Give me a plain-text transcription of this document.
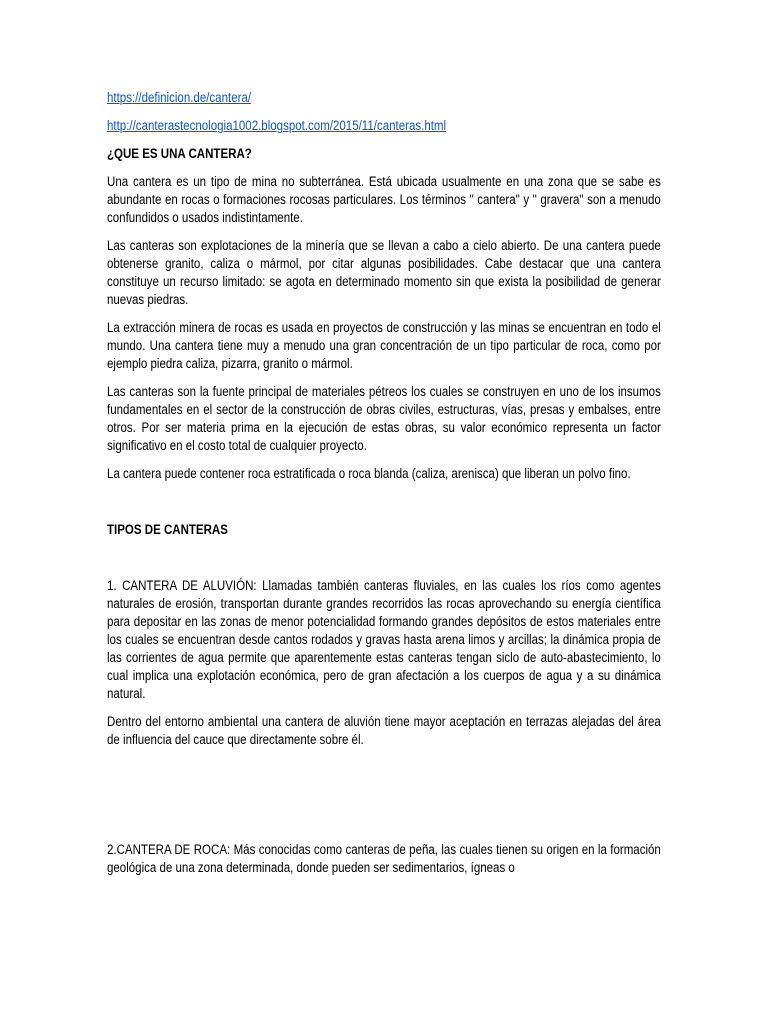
https://definicion.de/cantera/
http://canterastecnologia1002.blogspot.com/2015/11/canteras.html
¿QUE ES UNA CANTERA?

Una cantera es un tipo de mina no subterránea. Está ubicada usualmente en una zona que se sabe es abundante en rocas o formaciones rocosas particulares. Los términos " cantera" y " gravera" son a menudo confundidos o usados indistintamente.

Las canteras son explotaciones de la minería que se llevan a cabo a cielo abierto. De una cantera puede obtenerse granito, caliza o mármol, por citar algunas posibilidades. Cabe destacar que una cantera constituye un recurso limitado: se agota en determinado momento sin que exista la posibilidad de generar nuevas piedras.

La extracción minera de rocas es usada en proyectos de construcción y las minas se encuentran en todo el mundo. Una cantera tiene muy a menudo una gran concentración de un tipo particular de roca, como por ejemplo piedra caliza, pizarra, granito o mármol.

Las canteras son la fuente principal de materiales pétreos los cuales se construyen en uno de los insumos fundamentales en el sector de la construcción de obras civiles, estructuras, vías, presas y embalses, entre otros. Por ser materia prima en la ejecución de estas obras, su valor económico representa un factor significativo en el costo total de cualquier proyecto.

La cantera puede contener roca estratificada o roca blanda (caliza, arenisca) que liberan un polvo fino.

TIPOS DE CANTERAS

1. CANTERA DE ALUVIÓN: Llamadas también canteras fluviales, en las cuales los ríos como agentes naturales de erosión, transportan durante grandes recorridos las rocas aprovechando su energía científica para depositar en las zonas de menor potencialidad formando grandes depósitos de estos materiales entre los cuales se encuentran desde cantos rodados y gravas hasta arena limos y arcillas; la dinámica propia de las corrientes de agua permite que aparentemente estas canteras tengan siclo de auto-abastecimiento, lo cual implica una explotación económica, pero de gran afectación a los cuerpos de agua y a su dinámica natural.

Dentro del entorno ambiental una cantera de aluvión tiene mayor aceptación en terrazas alejadas del área de influencia del cauce que directamente sobre él.

2.CANTERA DE ROCA: Más conocidas como canteras de peña, las cuales tienen su origen en la formación geológica de una zona determinada, donde pueden ser sedimentarios, ígneas o
